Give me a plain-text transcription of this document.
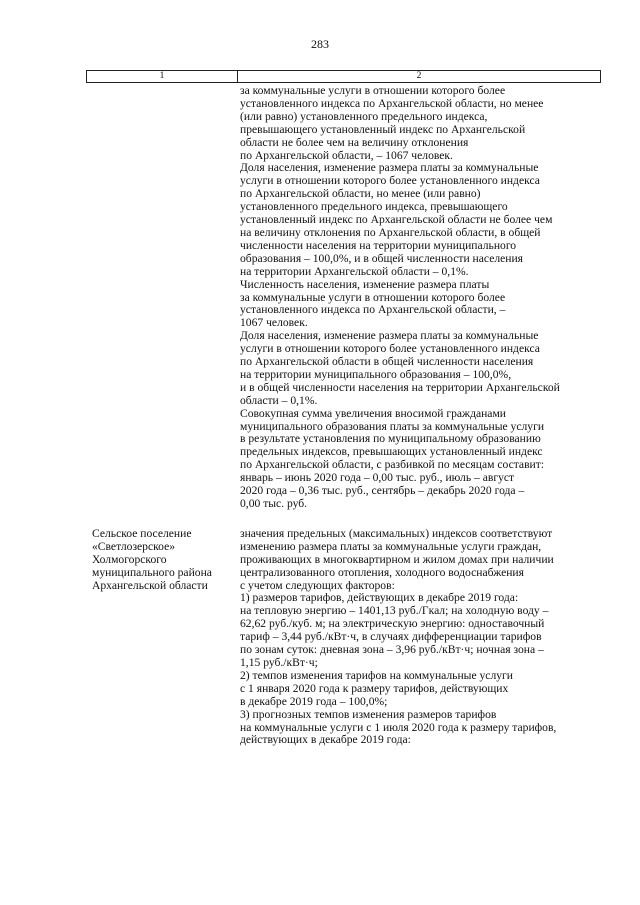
283
1	2
за коммунальные услуги в отношении которого более
установленного индекса по Архангельской области, но менее
(или равно) установленного предельного индекса,
превышающего установленный индекс по Архангельской
области не более чем на величину отклонения
по Архангельской области, – 1067 человек.
Доля населения, изменение размера платы за коммунальные
услуги в отношении которого более установленного индекса
по Архангельской области, но менее (или равно)
установленного предельного индекса, превышающего
установленный индекс по Архангельской области не более чем
на величину отклонения по Архангельской области, в общей
численности населения на территории муниципального
образования – 100,0%, и в общей численности населения
на территории Архангельской области – 0,1%.
Численность населения, изменение размера платы
за коммунальные услуги в отношении которого более
установленного индекса по Архангельской области, –
1067 человек.
Доля населения, изменение размера платы за коммунальные
услуги в отношении которого более установленного индекса
по Архангельской области в общей численности населения
на территории муниципального образования – 100,0%,
и в общей численности населения на территории Архангельской
области – 0,1%.
Совокупная сумма увеличения вносимой гражданами
муниципального образования платы за коммунальные услуги
в результате установления по муниципальному образованию
предельных индексов, превышающих установленный индекс
по Архангельской области, с разбивкой по месяцам составит:
январь – июнь 2020 года – 0,00 тыс. руб., июль – август
2020 года – 0,36 тыс. руб., сентябрь – декабрь 2020 года –
0,00 тыс. руб.
Сельское поселение
«Светлозерское»
Холмогорского
муниципального района
Архангельской области
значения предельных (максимальных) индексов соответствуют
изменению размера платы за коммунальные услуги граждан,
проживающих в многоквартирном и жилом домах при наличии
централизованного отопления, холодного водоснабжения
с учетом следующих факторов:
1) размеров тарифов, действующих в декабре 2019 года:
на тепловую энергию – 1401,13 руб./Гкал; на холодную воду –
62,62 руб./куб. м; на электрическую энергию: одноставочный
тариф – 3,44 руб./кВт·ч, в случаях дифференциации тарифов
по зонам суток: дневная зона – 3,96 руб./кВт·ч; ночная зона –
1,15 руб./кВт·ч;
2) темпов изменения тарифов на коммунальные услуги
с 1 января 2020 года к размеру тарифов, действующих
в декабре 2019 года – 100,0%;
3) прогнозных темпов изменения размеров тарифов
на коммунальные услуги с 1 июля 2020 года к размеру тарифов,
действующих в декабре 2019 года:
